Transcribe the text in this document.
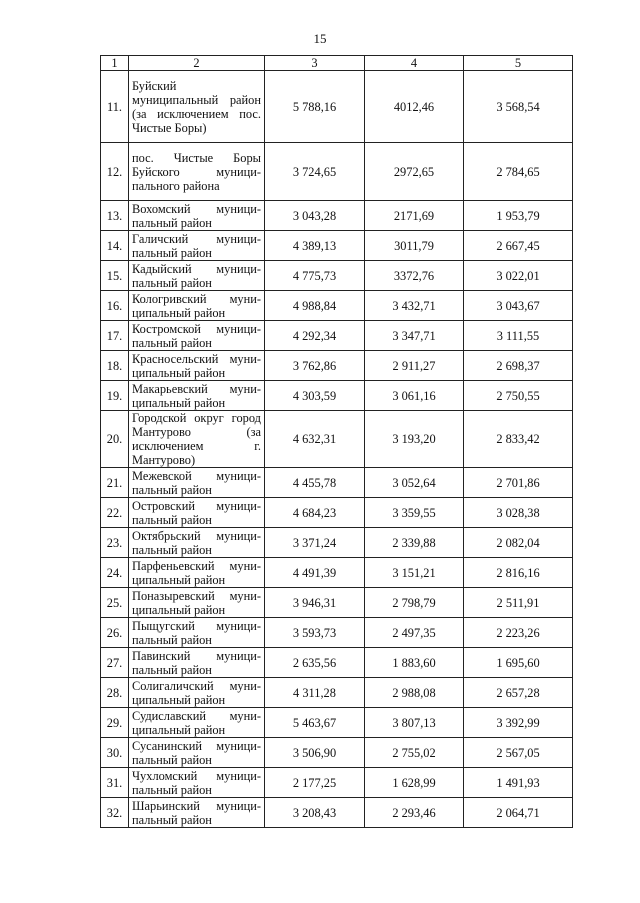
15
1	2	3	4	5

11.	Буйский муниципальный район (за исключением пос. Чистые Боры)	5 788,16	4012,46	3 568,54

12.	пос. Чистые Боры Буйского муници-пального района	3 724,65	2972,65	2 784,65

13.	Вохомский муници-пальный район	3 043,28	2171,69	1 953,79

14.	Галичский муници-пальный район	4 389,13	3011,79	2 667,45

15.	Кадыйский муници-пальный район	4 775,73	3372,76	3 022,01

16.	Кологривский муни-ципальный район	4 988,84	3 432,71	3 043,67

17.	Костромской муници-пальный район	4 292,34	3 347,71	3 111,55

18.	Красносельский муни-ципальный район	3 762,86	2 911,27	2 698,37

19.	Макарьевский муни-ципальный район	4 303,59	3 061,16	2 750,55

20.	Городской округ город Мантурово (за исключением г. Мантурово)	4 632,31	3 193,20	2 833,42

21.	Межевской муници-пальный район	4 455,78	3 052,64	2 701,86

22.	Островский муници-пальный район	4 684,23	3 359,55	3 028,38

23.	Октябрьский муници-пальный район	3 371,24	2 339,88	2 082,04

24.	Парфеньевский муни-ципальный район	4 491,39	3 151,21	2 816,16

25.	Поназыревский муни-ципальный район	3 946,31	2 798,79	2 511,91

26.	Пыщугский муници-пальный район	3 593,73	2 497,35	2 223,26

27.	Павинский муници-пальный район	2 635,56	1 883,60	1 695,60

28.	Солигаличский муни-ципальный район	4 311,28	2 988,08	2 657,28

29.	Судиславский муни-ципальный район	5 463,67	3 807,13	3 392,99

30.	Сусанинский муници-пальный район	3 506,90	2 755,02	2 567,05

31.	Чухломский муници-пальный район	2 177,25	1 628,99	1 491,93

32.	Шарьинский муници-пальный район	3 208,43	2 293,46	2 064,71
